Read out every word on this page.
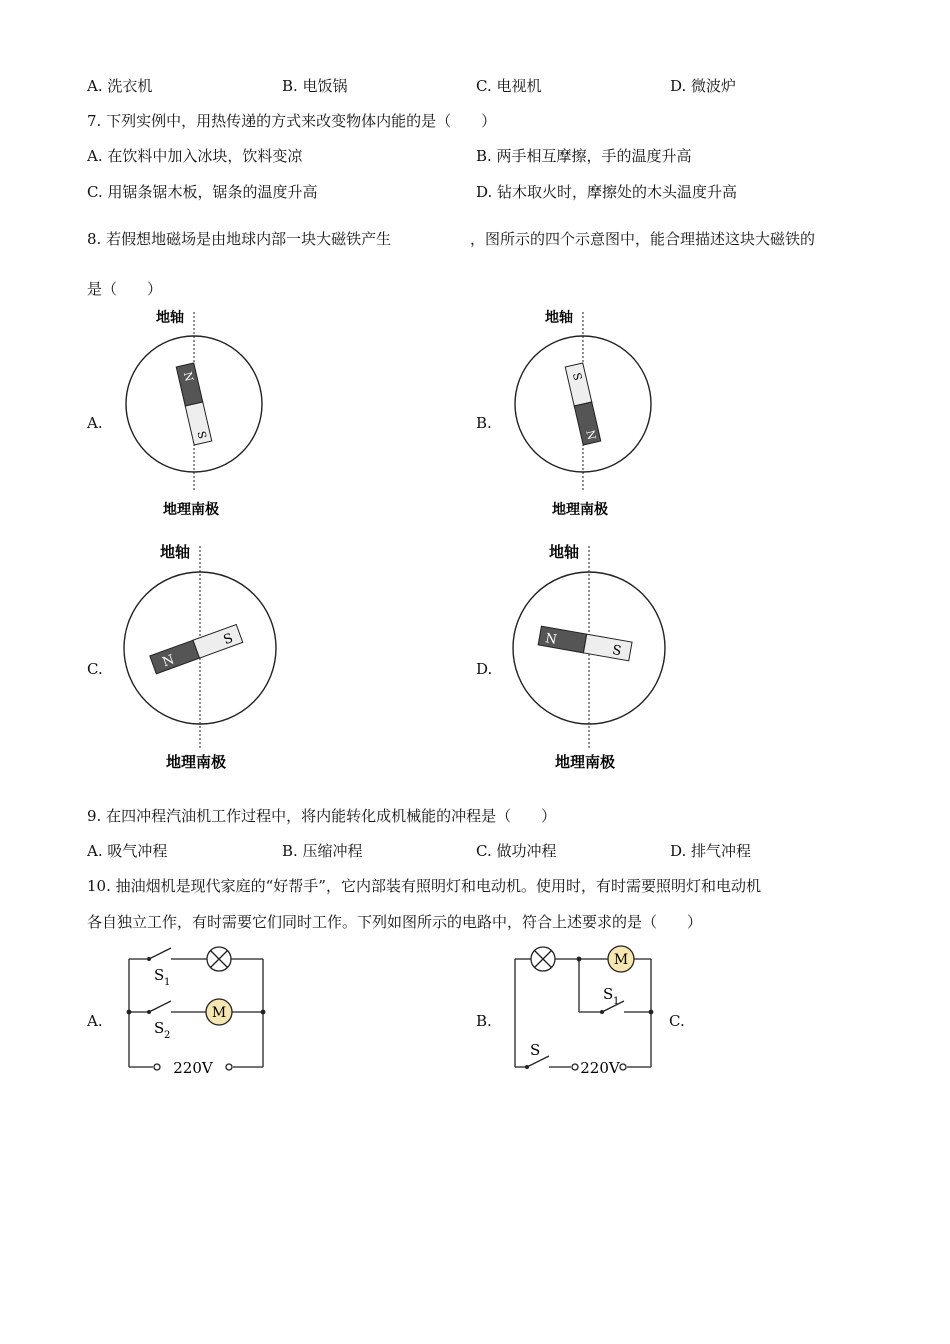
A. 洗衣机	B. 电饭锅	C. 电视机	D. 微波炉
7. 下列实例中，用热传递的方式来改变物体内能的是（　　）
A. 在饮料中加入冰块，饮料变凉	B. 两手相互摩擦，手的温度升高
C. 用锯条锯木板，锯条的温度升高	D. 钻木取火时，摩擦处的木头温度升高
8. 若假想地磁场是由地球内部一块大磁铁产生	，图所示的四个示意图中，能合理描述这块大磁铁的
是（　　）
A.	B.
C.	D.
地轴
N
S
地理南极
地轴
S
N
地理南极
地轴
N
S
地理南极
地轴
N
S
地理南极
9. 在四冲程汽油机工作过程中，将内能转化成机械能的冲程是（　　）
A. 吸气冲程	B. 压缩冲程	C. 做功冲程	D. 排气冲程
10. 抽油烟机是现代家庭的“好帮手”，它内部装有照明灯和电动机。使用时，有时需要照明灯和电动机
各自独立工作，有时需要它们同时工作。下列如图所示的电路中，符合上述要求的是（　　）
A.	B.	C.
M
S 1
S 2
220V
M
S 1
S
220V
